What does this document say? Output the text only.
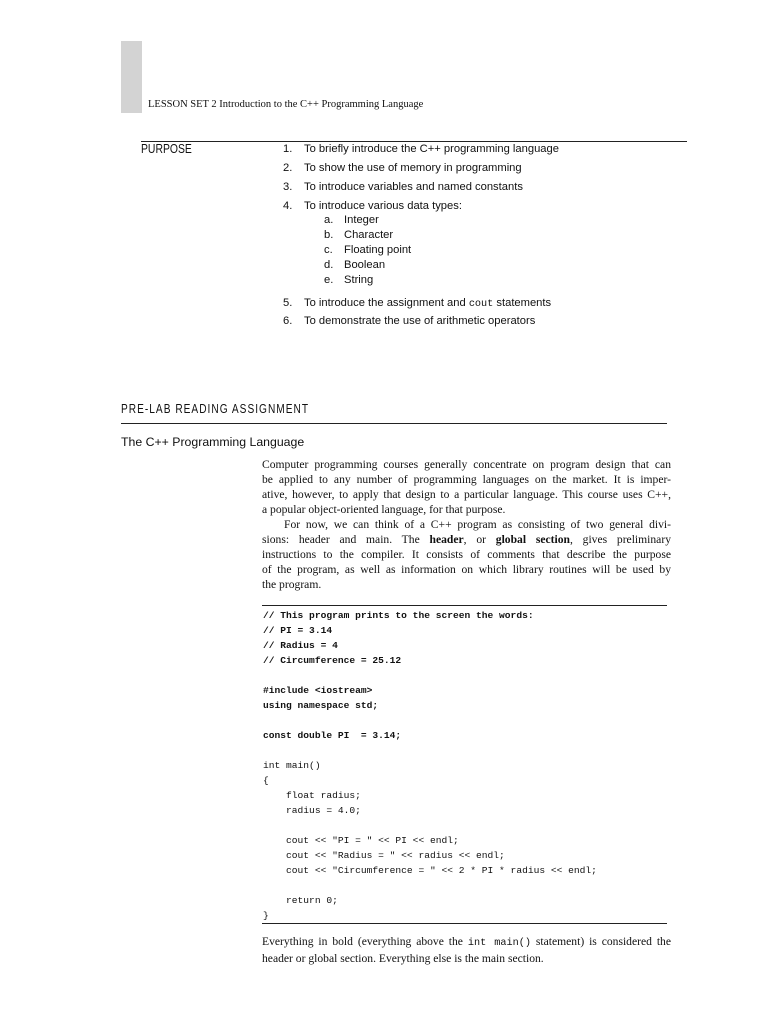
LESSON SET 2 Introduction to the C++ Programming Language
PURPOSE	1. To briefly introduce the C++ programming language
2. To show the use of memory in programming
3. To introduce variables and named constants
4. To introduce various data types:
a. Integer
b. Character
c. Floating point
d. Boolean
e. String
5. To introduce the assignment and cout statements
6. To demonstrate the use of arithmetic operators
PRE-LAB READING ASSIGNMENT
The C++ Programming Language
Computer programming courses generally concentrate on program design that can
be applied to any number of programming languages on the market. It is imper-
ative, however, to apply that design to a particular language. This course uses C++,
a popular object-oriented language, for that purpose.
For now, we can think of a C++ program as consisting of two general divi-
sions: header and main. The header, or global section, gives preliminary
instructions to the compiler. It consists of comments that describe the purpose
of the program, as well as information on which library routines will be used by
the program.
// This program prints to the screen the words:
// PI = 3.14
// Radius = 4
// Circumference = 25.12
#include <iostream>
using namespace std;
const double PI  = 3.14;
int main()
{
float radius;
radius = 4.0;
cout << "PI = " << PI << endl;
cout << "Radius = " << radius << endl;
cout << "Circumference = " << 2 * PI * radius << endl;
return 0;
}
Everything in bold (everything above the int main() statement) is considered the
header or global section. Everything else is the main section.
